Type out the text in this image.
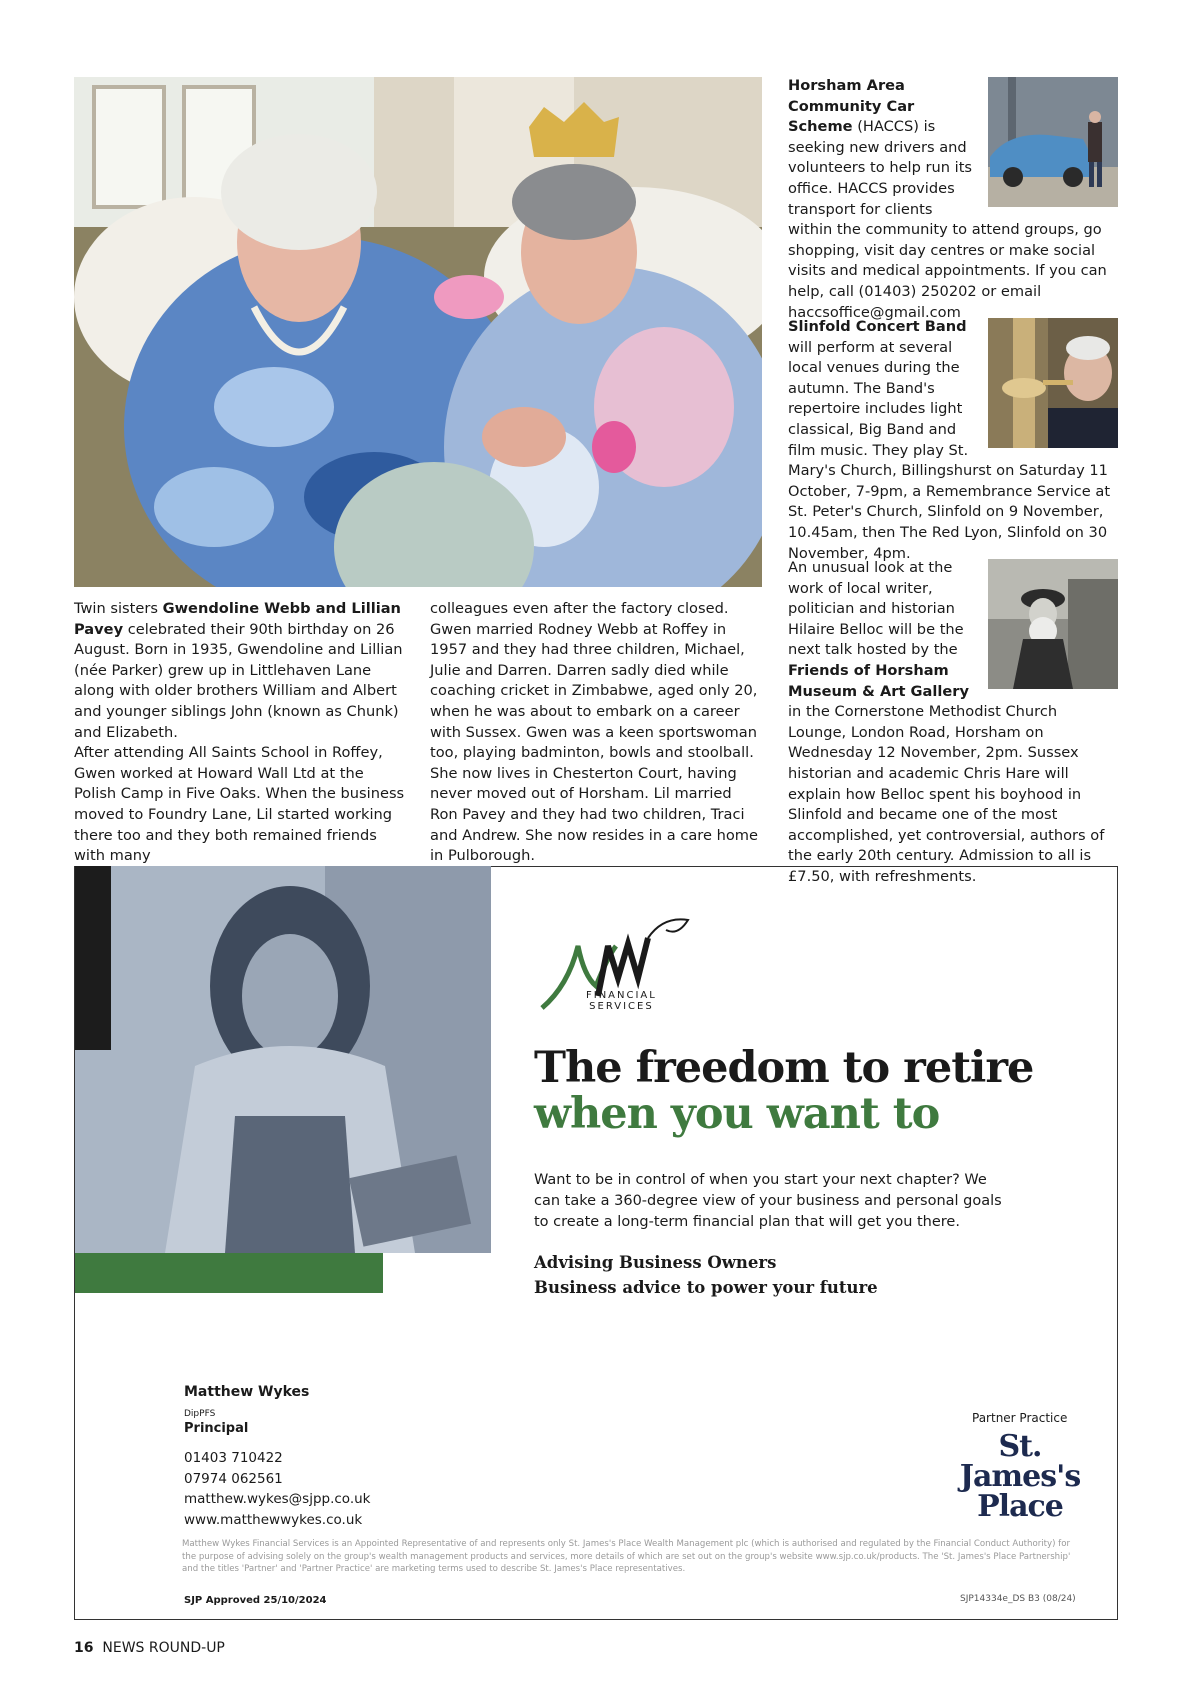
Twin sisters Gwendoline Webb and Lillian Pavey celebrated their 90th birthday on 26 August. Born in 1935, Gwendoline and Lillian (née Parker) grew up in Littlehaven Lane along with older brothers William and Albert and younger siblings John (known as Chunk) and Elizabeth.
After attending All Saints School in Roffey, Gwen worked at Howard Wall Ltd at the Polish Camp in Five Oaks. When the business moved to Foundry Lane, Lil started working there too and they both remained friends with many
colleagues even after the factory closed. Gwen married Rodney Webb at Roffey in 1957 and they had three children, Michael, Julie and Darren. Darren sadly died while coaching cricket in Zimbabwe, aged only 20, when he was about to embark on a career with Sussex. Gwen was a keen sportswoman too, playing badminton, bowls and stoolball. She now lives in Chesterton Court, having never moved out of Horsham. Lil married Ron Pavey and they had two children, Traci and Andrew. She now resides in a care home in Pulborough.
Horsham Area Community Car Scheme (HACCS) is seeking new drivers and volunteers to help run its office. HACCS provides transport for clients within the community to attend groups, go shopping, visit day centres or make social visits and medical appointments. If you can help, call (01403) 250202 or email haccsoffice@gmail.com
Slinfold Concert Band will perform at several local venues during the autumn. The Band's repertoire includes light classical, Big Band and film music. They play St. Mary's Church, Billingshurst on Saturday 11 October, 7-9pm, a Remembrance Service at St. Peter's Church, Slinfold on 9 November, 10.45am, then The Red Lyon, Slinfold on 30 November, 4pm.
An unusual look at the work of local writer, politician and historian Hilaire Belloc will be the next talk hosted by the Friends of Horsham Museum & Art Gallery in the Cornerstone Methodist Church Lounge, London Road, Horsham on Wednesday 12 November, 2pm. Sussex historian and academic Chris Hare will explain how Belloc spent his boyhood in Slinfold and became one of the most accomplished, yet controversial, authors of the early 20th century. Admission to all is £7.50, with refreshments.
FINANCIAL
SERVICES
The freedom to retire
when you want to
Want to be in control of when you start your next chapter? We can take a 360-degree view of your business and personal goals to create a long-term financial plan that will get you there.
Advising Business Owners
Business advice to power your future
Matthew Wykes
DipPFS
Principal
01403 710422
07974 062561
matthew.wykes@sjpp.co.uk
www.matthewwykes.co.uk
Partner Practice
St.
James's
Place
Matthew Wykes Financial Services is an Appointed Representative of and represents only St. James's Place Wealth Management plc (which is authorised and regulated by the Financial Conduct Authority) for the purpose of advising solely on the group's wealth management products and services, more details of which are set out on the group's website www.sjp.co.uk/products. The 'St. James's Place Partnership' and the titles 'Partner' and 'Partner Practice' are marketing terms used to describe St. James's Place representatives.
SJP Approved 25/10/2024	SJP14334e_DS B3 (08/24)
16 NEWS ROUND-UP
